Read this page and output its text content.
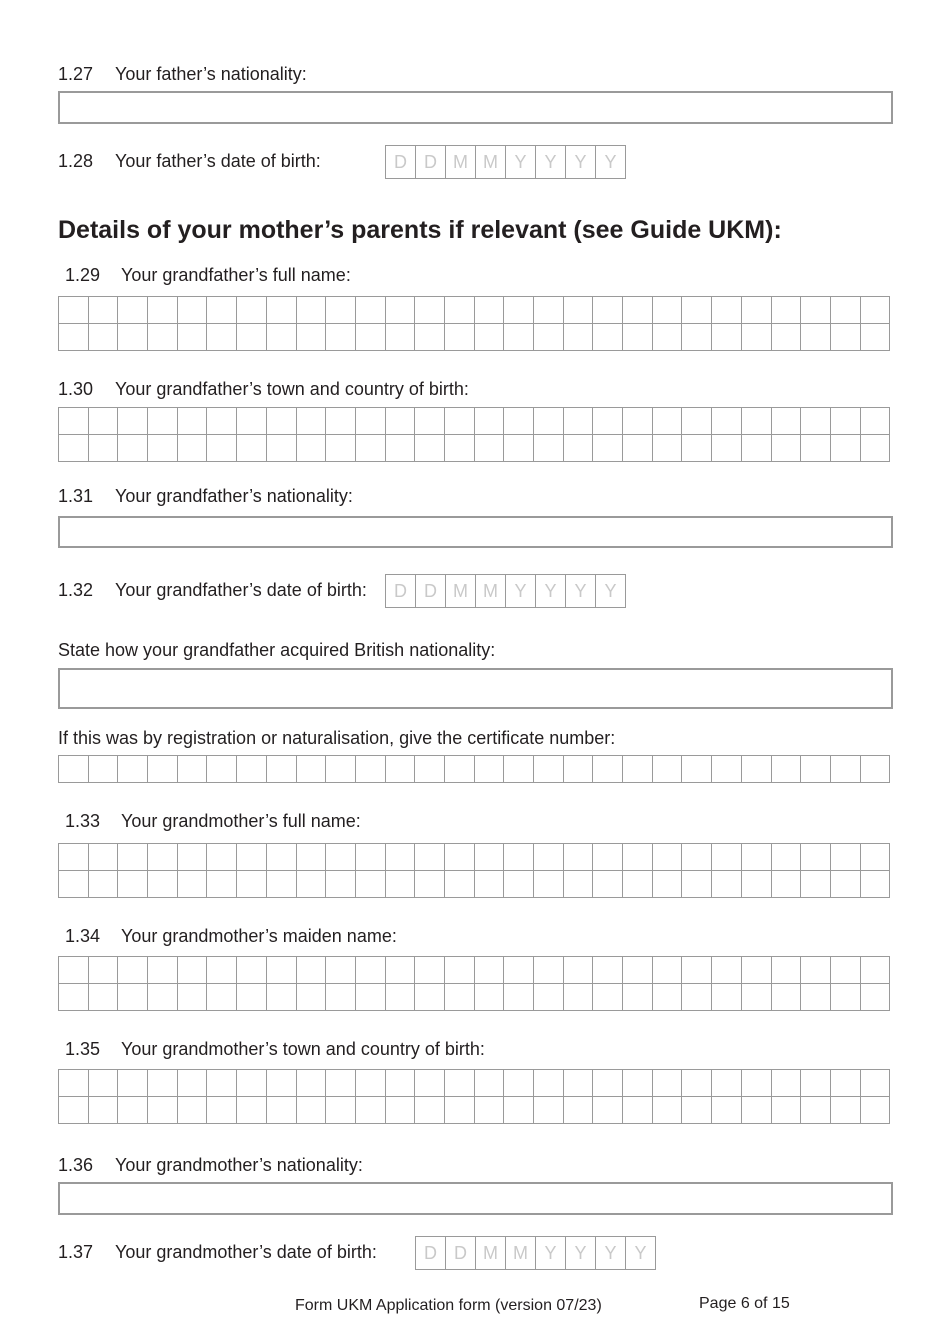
1.27 Your father’s nationality:
1.28 Your father’s date of birth:	D D M M Y Y Y Y
Details of your mother’s parents if relevant (see Guide UKM):
1.29 Your grandfather’s full name:
1.30 Your grandfather’s town and country of birth:
1.31 Your grandfather’s nationality:
1.32 Your grandfather’s date of birth:	D D M M Y Y Y Y
State how your grandfather acquired British nationality:
If this was by registration or naturalisation, give the certificate number:
1.33 Your grandmother’s full name:
1.34 Your grandmother’s maiden name:
1.35 Your grandmother’s town and country of birth:
1.36 Your grandmother’s nationality:
1.37 Your grandmother’s date of birth:	D D M M Y Y Y Y
Form UKM Application form (version 07/23)	Page 6 of 15
